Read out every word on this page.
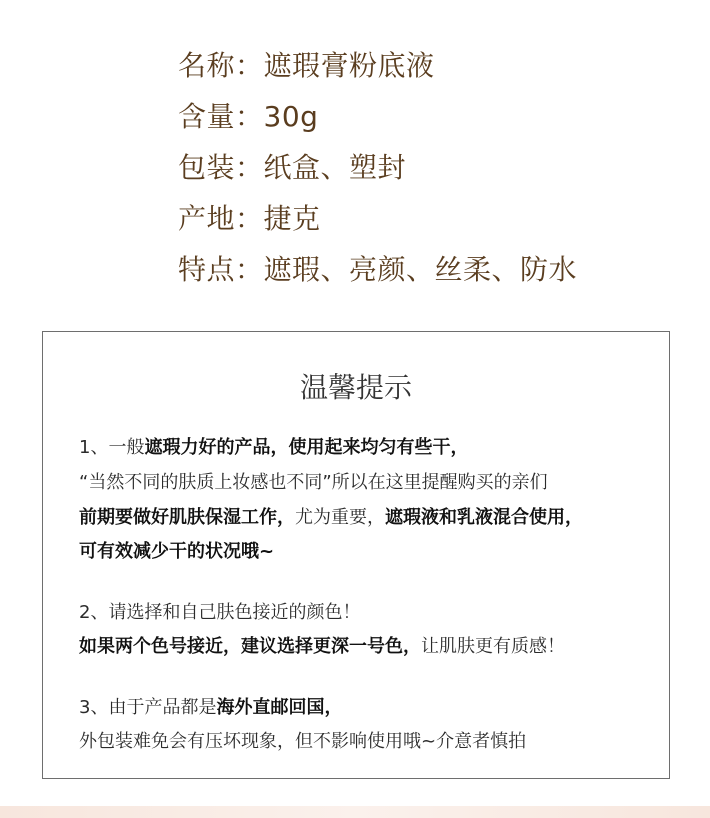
名称：遮瑕膏粉底液
含量：30g
包装：纸盒、塑封
产地：捷克
特点：遮瑕、亮颜、丝柔、防水
温馨提示
1、一般遮瑕力好的产品，使用起来均匀有些干，
“当然不同的肤质上妆感也不同”所以在这里提醒购买的亲们
前期要做好肌肤保湿工作，尤为重要，遮瑕液和乳液混合使用，
可有效减少干的状况哦~
2、请选择和自己肤色接近的颜色！
如果两个色号接近，建议选择更深一号色，让肌肤更有质感！
3、由于产品都是海外直邮回国，
外包装难免会有压坏现象，但不影响使用哦~介意者慎拍
